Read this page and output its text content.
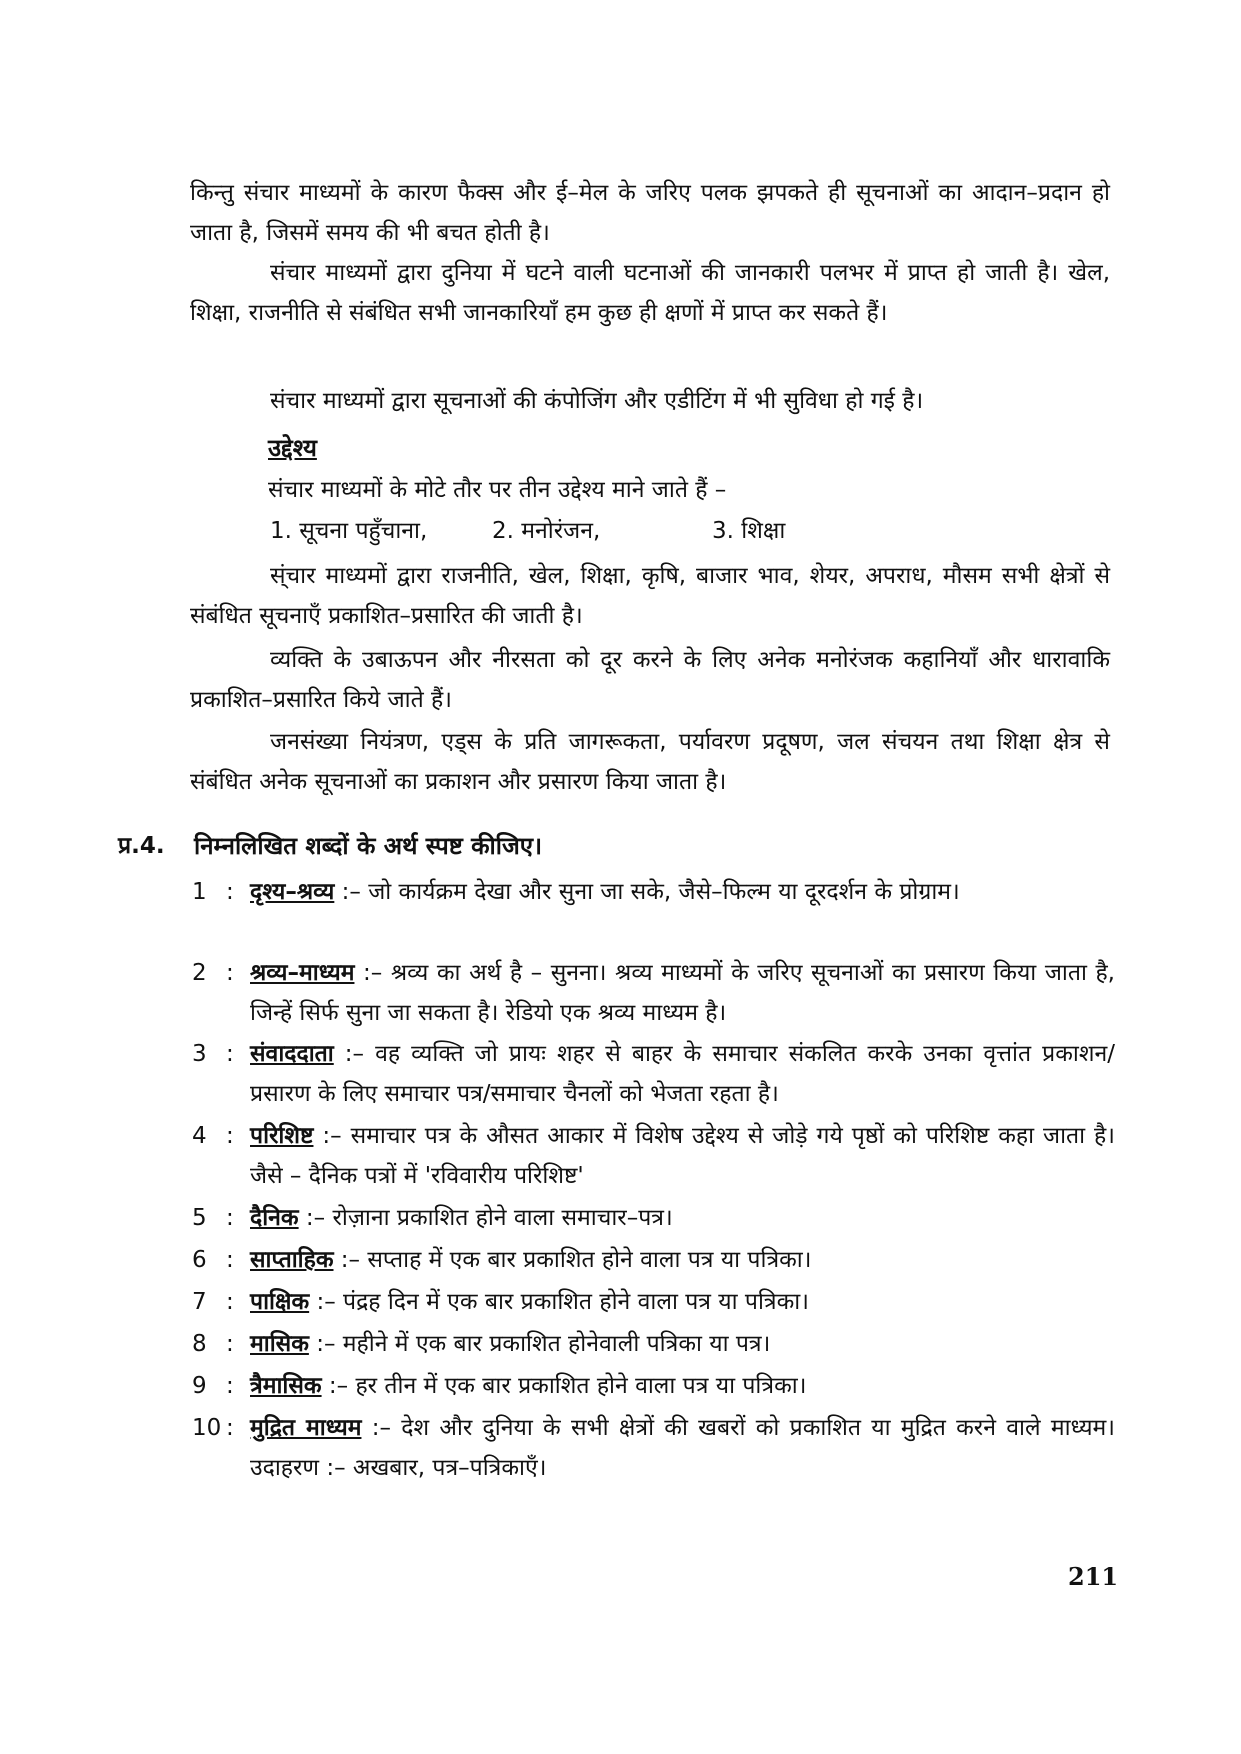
किन्तु संचार माध्यमों के कारण फैक्स और ई–मेल के जरिए पलक झपकते ही सूचनाओं का आदान–प्रदान हो जाता है, जिसमें समय की भी बचत होती है।

संचार माध्यमों द्वारा दुनिया में घटने वाली घटनाओं की जानकारी पलभर में प्राप्त हो जाती है। खेल, शिक्षा, राजनीति से संबंधित सभी जानकारियाँ हम कुछ ही क्षणों में प्राप्त कर सकते हैं।

संचार माध्यमों द्वारा सूचनाओं की कंपोजिंग और एडीटिंग में भी सुविधा हो गई है।

उद्देश्य

संचार माध्यमों के मोटे तौर पर तीन उद्देश्य माने जाते हैं –

1. सूचना पहुँचाना,	2. मनोरंजन,	3. शिक्षा

स्ंचार माध्यमों द्वारा राजनीति, खेल, शिक्षा, कृषि, बाजार भाव, शेयर, अपराध, मौसम सभी क्षेत्रों से संबंधित सूचनाएँ प्रकाशित–प्रसारित की जाती है।

व्यक्ति के उबाऊपन और नीरसता को दूर करने के लिए अनेक मनोरंजक कहानियाँ और धारावाकि प्रकाशित–प्रसारित किये जाते हैं।

जनसंख्या नियंत्रण, एड्स के प्रति जागरूकता, पर्यावरण प्रदूषण, जल संचयन तथा शिक्षा क्षेत्र से संबंधित अनेक सूचनाओं का प्रकाशन और प्रसारण किया जाता है।

प्र.4. निम्नलिखित शब्दों के अर्थ स्पष्ट कीजिए।
1 : दृश्य–श्रव्य :– जो कार्यक्रम देखा और सुना जा सके, जैसे–फिल्म या दूरदर्शन के प्रोग्राम।
2 : श्रव्य–माध्यम :– श्रव्य का अर्थ है – सुनना। श्रव्य माध्यमों के जरिए सूचनाओं का प्रसारण किया जाता है, जिन्हें सिर्फ सुना जा सकता है। रेडियो एक श्रव्य माध्यम है।
3 : संवाददाता :– वह व्यक्ति जो प्रायः शहर से बाहर के समाचार संकलित करके उनका वृत्तांत प्रकाशन/प्रसारण के लिए समाचार पत्र/समाचार चैनलों को भेजता रहता है।
4 : परिशिष्ट :– समाचार पत्र के औसत आकार में विशेष उद्देश्य से जोड़े गये पृष्ठों को परिशिष्ट कहा जाता है। जैसे – दैनिक पत्रों में 'रविवारीय परिशिष्ट'
5 : दैनिक :– रोज़ाना प्रकाशित होने वाला समाचार–पत्र।
6 : साप्ताहिक :– सप्ताह में एक बार प्रकाशित होने वाला पत्र या पत्रिका।
7 : पाक्षिक :– पंद्रह दिन में एक बार प्रकाशित होने वाला पत्र या पत्रिका।
8 : मासिक :– महीने में एक बार प्रकाशित होनेवाली पत्रिका या पत्र।
9 : त्रैमासिक :– हर तीन में एक बार प्रकाशित होने वाला पत्र या पत्रिका।
10 : मुद्रित माध्यम :– देश और दुनिया के सभी क्षेत्रों की खबरों को प्रकाशित या मुद्रित करने वाले माध्यम। उदाहरण :– अखबार, पत्र–पत्रिकाएँ।
211
